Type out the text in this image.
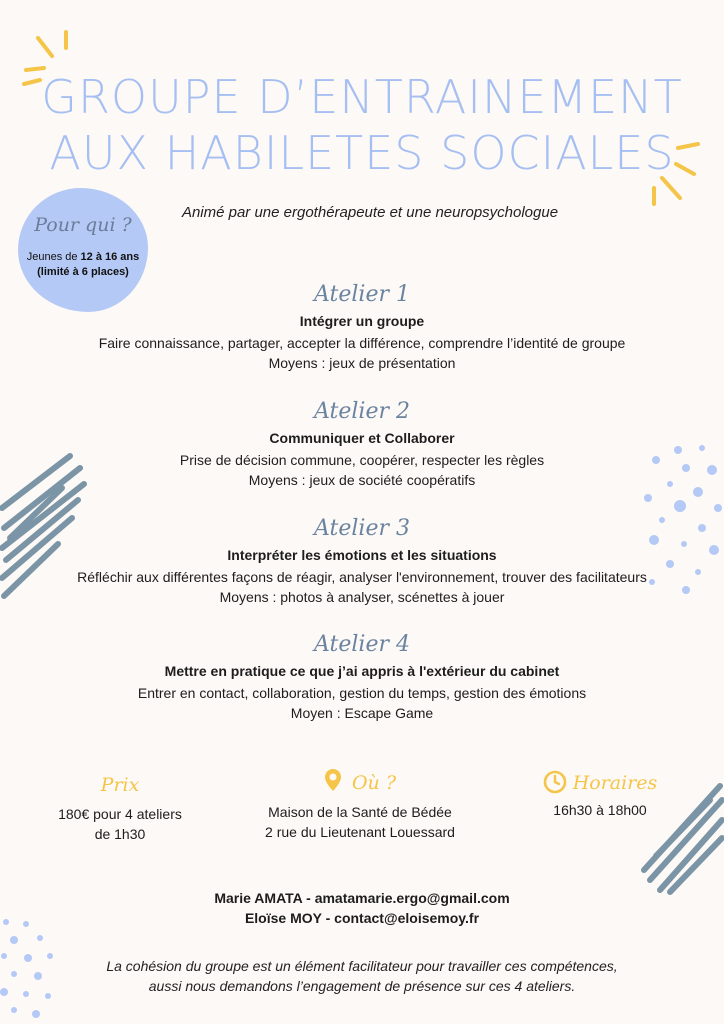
GROUPE D’ENTRAINEMENT
AUX HABILETES SOCIALES
Animé par une ergothérapeute et une neuropsychologue
Pour qui ?
Jeunes de 12 à 16 ans
(limité à 6 places)
Atelier 1
Intégrer un groupe
Faire connaissance, partager, accepter la différence, comprendre l’identité de groupe
Moyens : jeux de présentation
Atelier 2
Communiquer et Collaborer
Prise de décision commune, coopérer, respecter les règles
Moyens : jeux de société coopératifs
Atelier 3
Interpréter les émotions et les situations
Réfléchir aux différentes façons de réagir, analyser l'environnement, trouver des facilitateurs
Moyens : photos à analyser, scénettes à jouer
Atelier 4
Mettre en pratique ce que j’ai appris à l'extérieur du cabinet
Entrer en contact, collaboration, gestion du temps, gestion des émotions
Moyen : Escape Game
Prix
180€ pour 4 ateliers
de 1h30
Où ?
Maison de la Santé de Bédée
2 rue du Lieutenant Louessard
Horaires
16h30 à 18h00
Marie AMATA - amatamarie.ergo@gmail.com
Eloïse MOY - contact@eloisemoy.fr
La cohésion du groupe est un élément facilitateur pour travailler ces compétences,
aussi nous demandons l’engagement de présence sur ces 4 ateliers.
